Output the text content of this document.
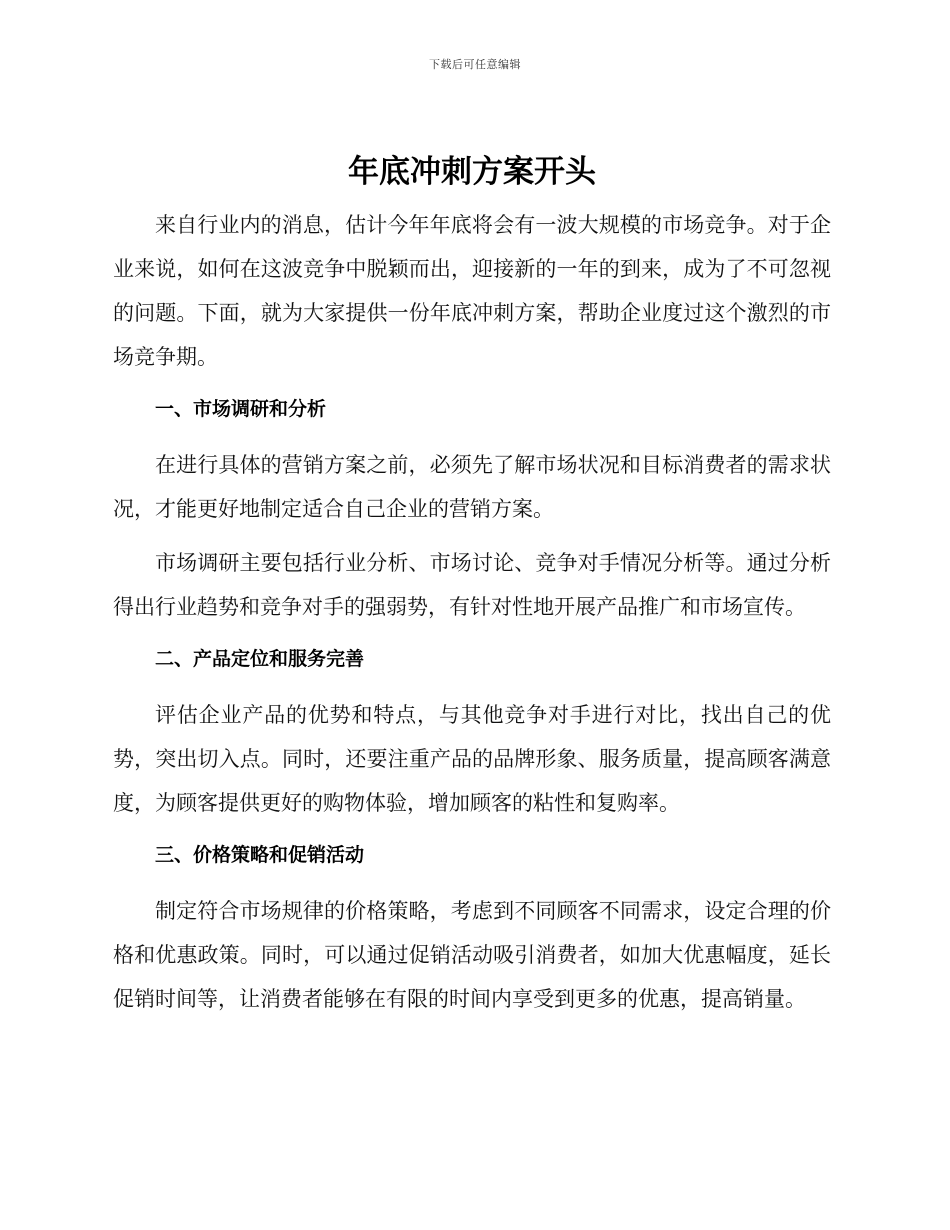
下载后可任意编辑
年底冲刺方案开头

来自行业内的消息，估计今年年底将会有一波大规模的市场竞争。对于企业来说，如何在这波竞争中脱颖而出，迎接新的一年的到来，成为了不可忽视的问题。下面，就为大家提供一份年底冲刺方案，帮助企业度过这个激烈的市场竞争期。

一、市场调研和分析

在进行具体的营销方案之前，必须先了解市场状况和目标消费者的需求状况，才能更好地制定适合自己企业的营销方案。

市场调研主要包括行业分析、市场讨论、竞争对手情况分析等。通过分析得出行业趋势和竞争对手的强弱势，有针对性地开展产品推广和市场宣传。

二、产品定位和服务完善

评估企业产品的优势和特点，与其他竞争对手进行对比，找出自己的优势，突出切入点。同时，还要注重产品的品牌形象、服务质量，提高顾客满意度，为顾客提供更好的购物体验，增加顾客的粘性和复购率。

三、价格策略和促销活动

制定符合市场规律的价格策略，考虑到不同顾客不同需求，设定合理的价格和优惠政策。同时，可以通过促销活动吸引消费者，如加大优惠幅度，延长促销时间等，让消费者能够在有限的时间内享受到更多的优惠，提高销量。
